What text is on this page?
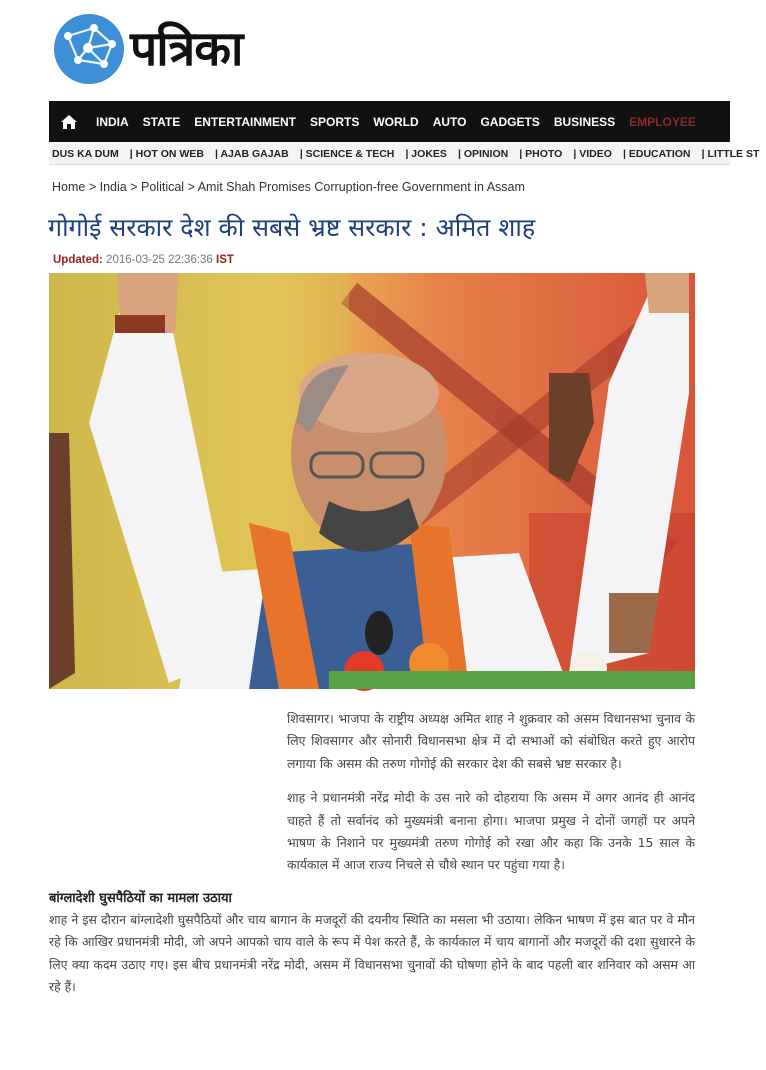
पत्रिका
INDIA	STATE	ENTERTAINMENT	SPORTS	WORLD	AUTO	GADGETS	BUSINESS	EMPLOYEE
DUS KA DUM | HOT ON WEB | AJAB GAJAB | SCIENCE & TECH | JOKES | OPINION | PHOTO | VIDEO | EDUCATION | LITTLE ST
Home > India > Political > Amit Shah Promises Corruption-free Government in Assam
गोगोई सरकार देश की सबसे भ्रष्ट सरकार : अमित शाह
Updated: 2016-03-25 22:36:36 IST

शिवसागर। भाजपा के राष्ट्रीय अध्यक्ष अमित शाह ने शुक्रवार को असम विधानसभा चुनाव के लिए शिवसागर और सोनारी विधानसभा क्षेत्र में दो सभाओं को संबोधित करते हुए आरोप लगाया कि असम की तरुण गोगोई की सरकार देश की सबसे भ्रष्ट सरकार है।

शाह ने प्रधानमंत्री नरेंद्र मोदी के उस नारे को दोहराया कि असम में अगर आनंद ही आनंद चाहते हैं तो सर्वानंद को मुख्यमंत्री बनाना होगा। भाजपा प्रमुख ने दोनों जगहों पर अपने भाषण के निशाने पर मुख्यमंत्री तरुण गोगोई को रखा और कहा कि उनके 15 साल के कार्यकाल में आज राज्य निचले से चौथे स्थान पर पहुंचा गया है।

बांग्लादेशी घुसपैठियों का मामला उठाया

शाह ने इस दौरान बांग्लादेशी घुसपैठियों और चाय बागान के मजदूरों की दयनीय स्थिति का मसला भी उठाया। लेकिन भाषण में इस बात पर वे मौन रहे कि आखिर प्रधानमंत्री मोदी, जो अपने आपको चाय वाले के रूप में पेश करते हैं, के कार्यकाल में चाय बागानों और मजदूरों की दशा सुधारने के लिए क्या कदम उठाए गए। इस बीच प्रधानमंत्री नरेंद्र मोदी, असम में विधानसभा चुनावों की घोषणा होने के बाद पहली बार शनिवार को असम आ रहे हैं।
